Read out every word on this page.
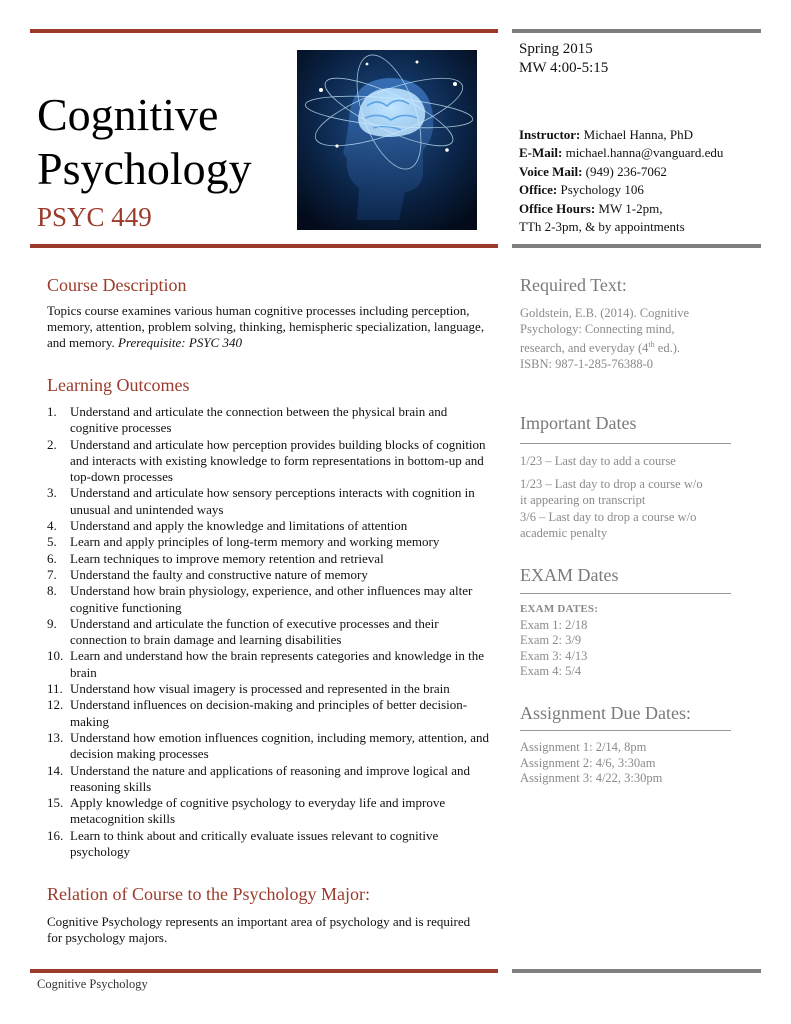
Cognitive
Psychology
PSYC 449
Spring 2015
MW 4:00-5:15
Instructor: Michael Hanna, PhD
E-Mail: michael.hanna@vanguard.edu
Voice Mail: (949) 236-7062
Office: Psychology 106
Office Hours: MW 1-2pm,
TTh 2-3pm, & by appointments
Course Description

Topics course examines various human cognitive processes including perception, memory, attention, problem solving, thinking, hemispheric specialization, language, and memory. Prerequisite: PSYC 340

Learning Outcomes
1. Understand and articulate the connection between the physical brain and cognitive processes
2. Understand and articulate how perception provides building blocks of cognition and interacts with existing knowledge to form representations in bottom-up and top-down processes
3. Understand and articulate how sensory perceptions interacts with cognition in unusual and unintended ways
4. Understand and apply the knowledge and limitations of attention
5. Learn and apply principles of long-term memory and working memory
6. Learn techniques to improve memory retention and retrieval
7. Understand the faulty and constructive nature of memory
8. Understand how brain physiology, experience, and other influences may alter cognitive functioning
9. Understand and articulate the function of executive processes and their connection to brain damage and learning disabilities
10. Learn and understand how the brain represents categories and knowledge in the brain
11. Understand how visual imagery is processed and represented in the brain
12. Understand influences on decision-making and principles of better decision-making
13. Understand how emotion influences cognition, including memory, attention, and decision making processes
14. Understand the nature and applications of reasoning and improve logical and reasoning skills
15. Apply knowledge of cognitive psychology to everyday life and improve metacognition skills
16. Learn to think about and critically evaluate issues relevant to cognitive psychology
Relation of Course to the Psychology Major:

Cognitive Psychology represents an important area of psychology and is required for psychology majors.

Required Text:
Goldstein, E.B. (2014). Cognitive
Psychology: Connecting mind,
research, and everyday (4th ed.).
ISBN: 987-1-285-76388-0
Important Dates
1/23 – Last day to add a course
1/23 – Last day to drop a course w/o
it appearing on transcript
3/6 – Last day to drop a course w/o
academic penalty
EXAM Dates
EXAM DATES:
Exam 1: 2/18
Exam 2: 3/9
Exam 3: 4/13
Exam 4: 5/4
Assignment Due Dates:
Assignment 1: 2/14, 8pm
Assignment 2: 4/6, 3:30am
Assignment 3: 4/22, 3:30pm
Cognitive Psychology
